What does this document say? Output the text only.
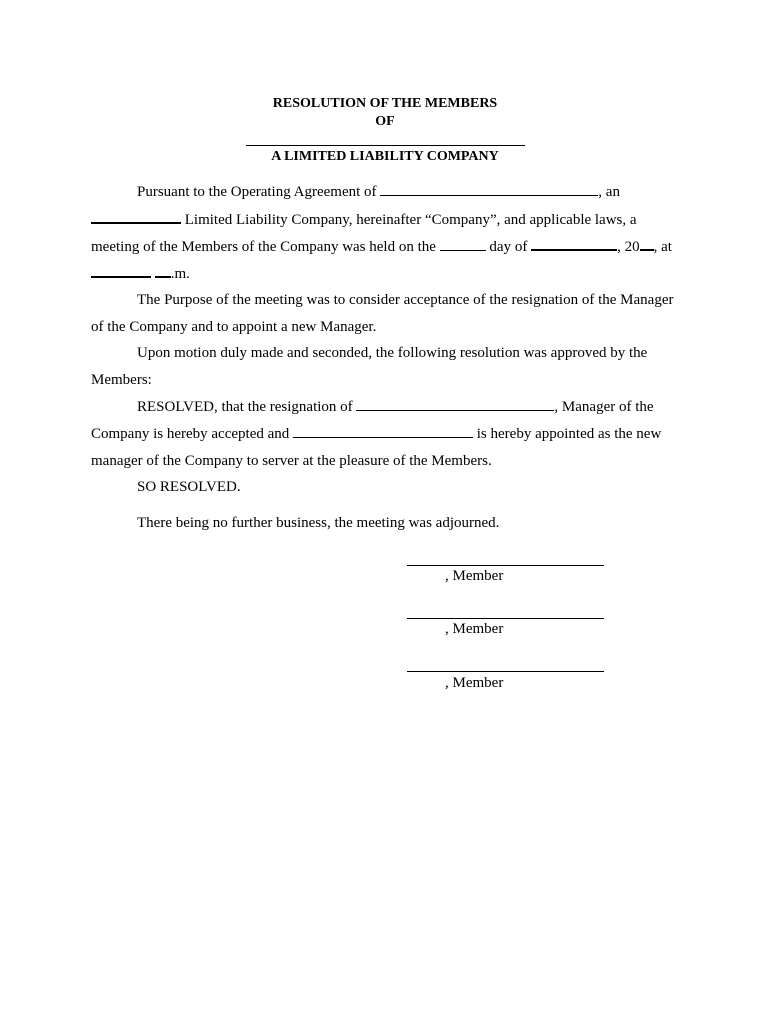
RESOLUTION OF THE MEMBERS
OF
A LIMITED LIABILITY COMPANY
Pursuant to the Operating Agreement of	, an
Limited Liability Company, hereinafter “Company”, and applicable laws, a
meeting of the Members of the Company was held on the	day of	, 20 , at
.m.
The Purpose of the meeting was to consider acceptance of the resignation of the Manager
of the Company and to appoint a new Manager.
Upon motion duly made and seconded, the following resolution was approved by the
Members:
RESOLVED, that the resignation of	, Manager of the
Company is hereby accepted and	is hereby appointed as the new
manager of the Company to server at the pleasure of the Members.
SO RESOLVED.
There being no further business, the meeting was adjourned.
, Member
, Member
, Member
